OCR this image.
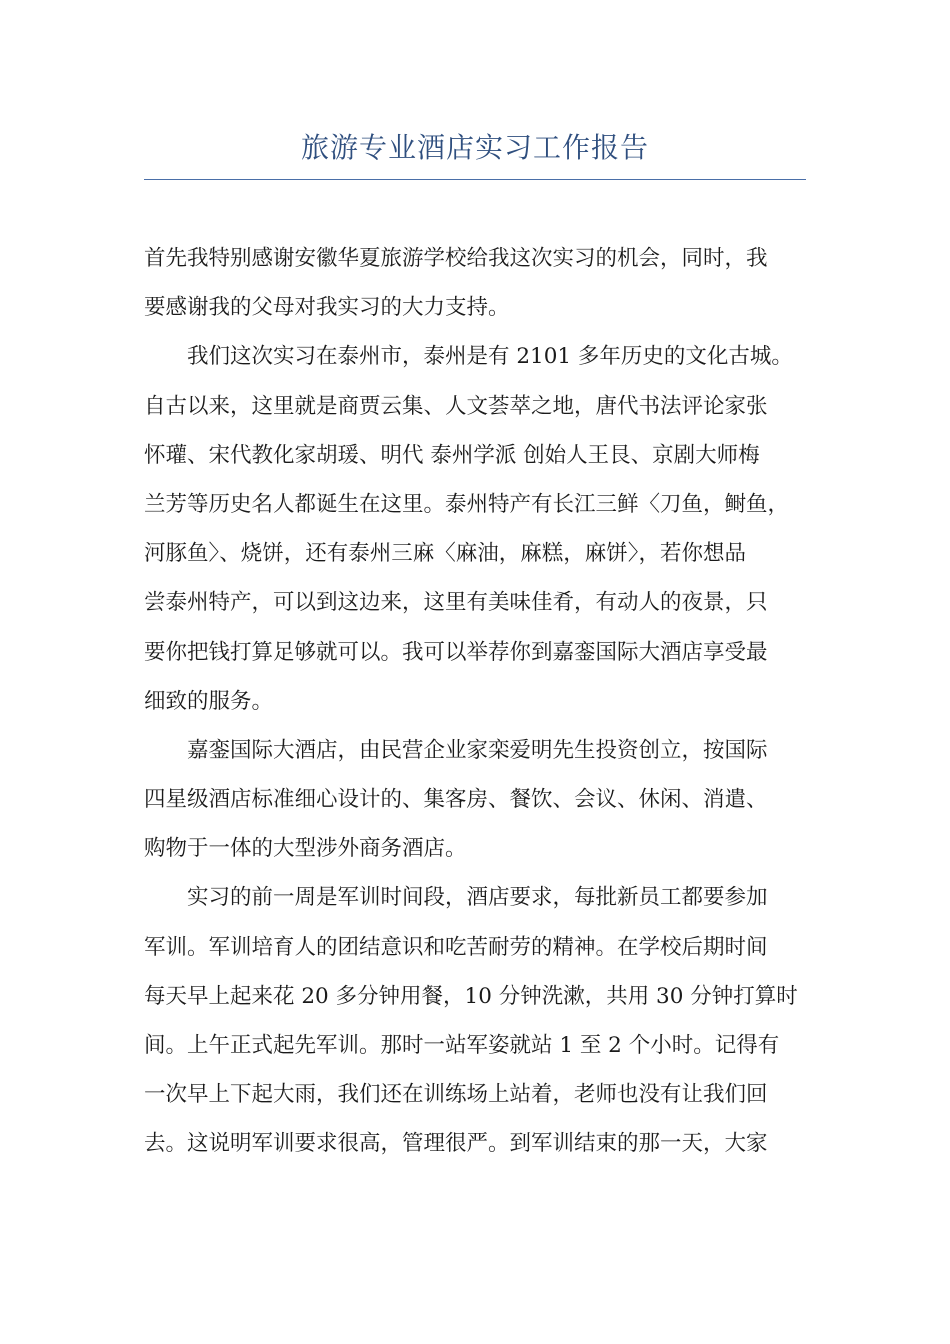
旅游专业酒店实习工作报告
首先我特别感谢安徽华夏旅游学校给我这次实习的机会，同时，我
要感谢我的父母对我实习的大力支持。
我们这次实习在泰州市，泰州是有 2101 多年历史的文化古城。
自古以来，这里就是商贾云集、人文荟萃之地，唐代书法评论家张
怀瓘、宋代教化家胡瑗、明代 泰州学派 创始人王艮、京剧大师梅
兰芳等历史名人都诞生在这里。泰州特产有长江三鲜〈刀鱼，鲥鱼，
河豚鱼〉、烧饼，还有泰州三麻〈麻油，麻糕，麻饼〉，若你想品
尝泰州特产，可以到这边来，这里有美味佳肴，有动人的夜景，只
要你把钱打算足够就可以。我可以举荐你到嘉銮国际大酒店享受最
细致的服务。
嘉銮国际大酒店，由民营企业家栾爱明先生投资创立，按国际
四星级酒店标准细心设计的、集客房、餐饮、会议、休闲、消遣、
购物于一体的大型涉外商务酒店。
实习的前一周是军训时间段，酒店要求，每批新员工都要参加
军训。军训培育人的团结意识和吃苦耐劳的精神。在学校后期时间
每天早上起来花 20 多分钟用餐，10 分钟洗漱，共用 30 分钟打算时
间。上午正式起先军训。那时一站军姿就站 1 至 2 个小时。记得有
一次早上下起大雨，我们还在训练场上站着，老师也没有让我们回
去。这说明军训要求很高，管理很严。到军训结束的那一天，大家
